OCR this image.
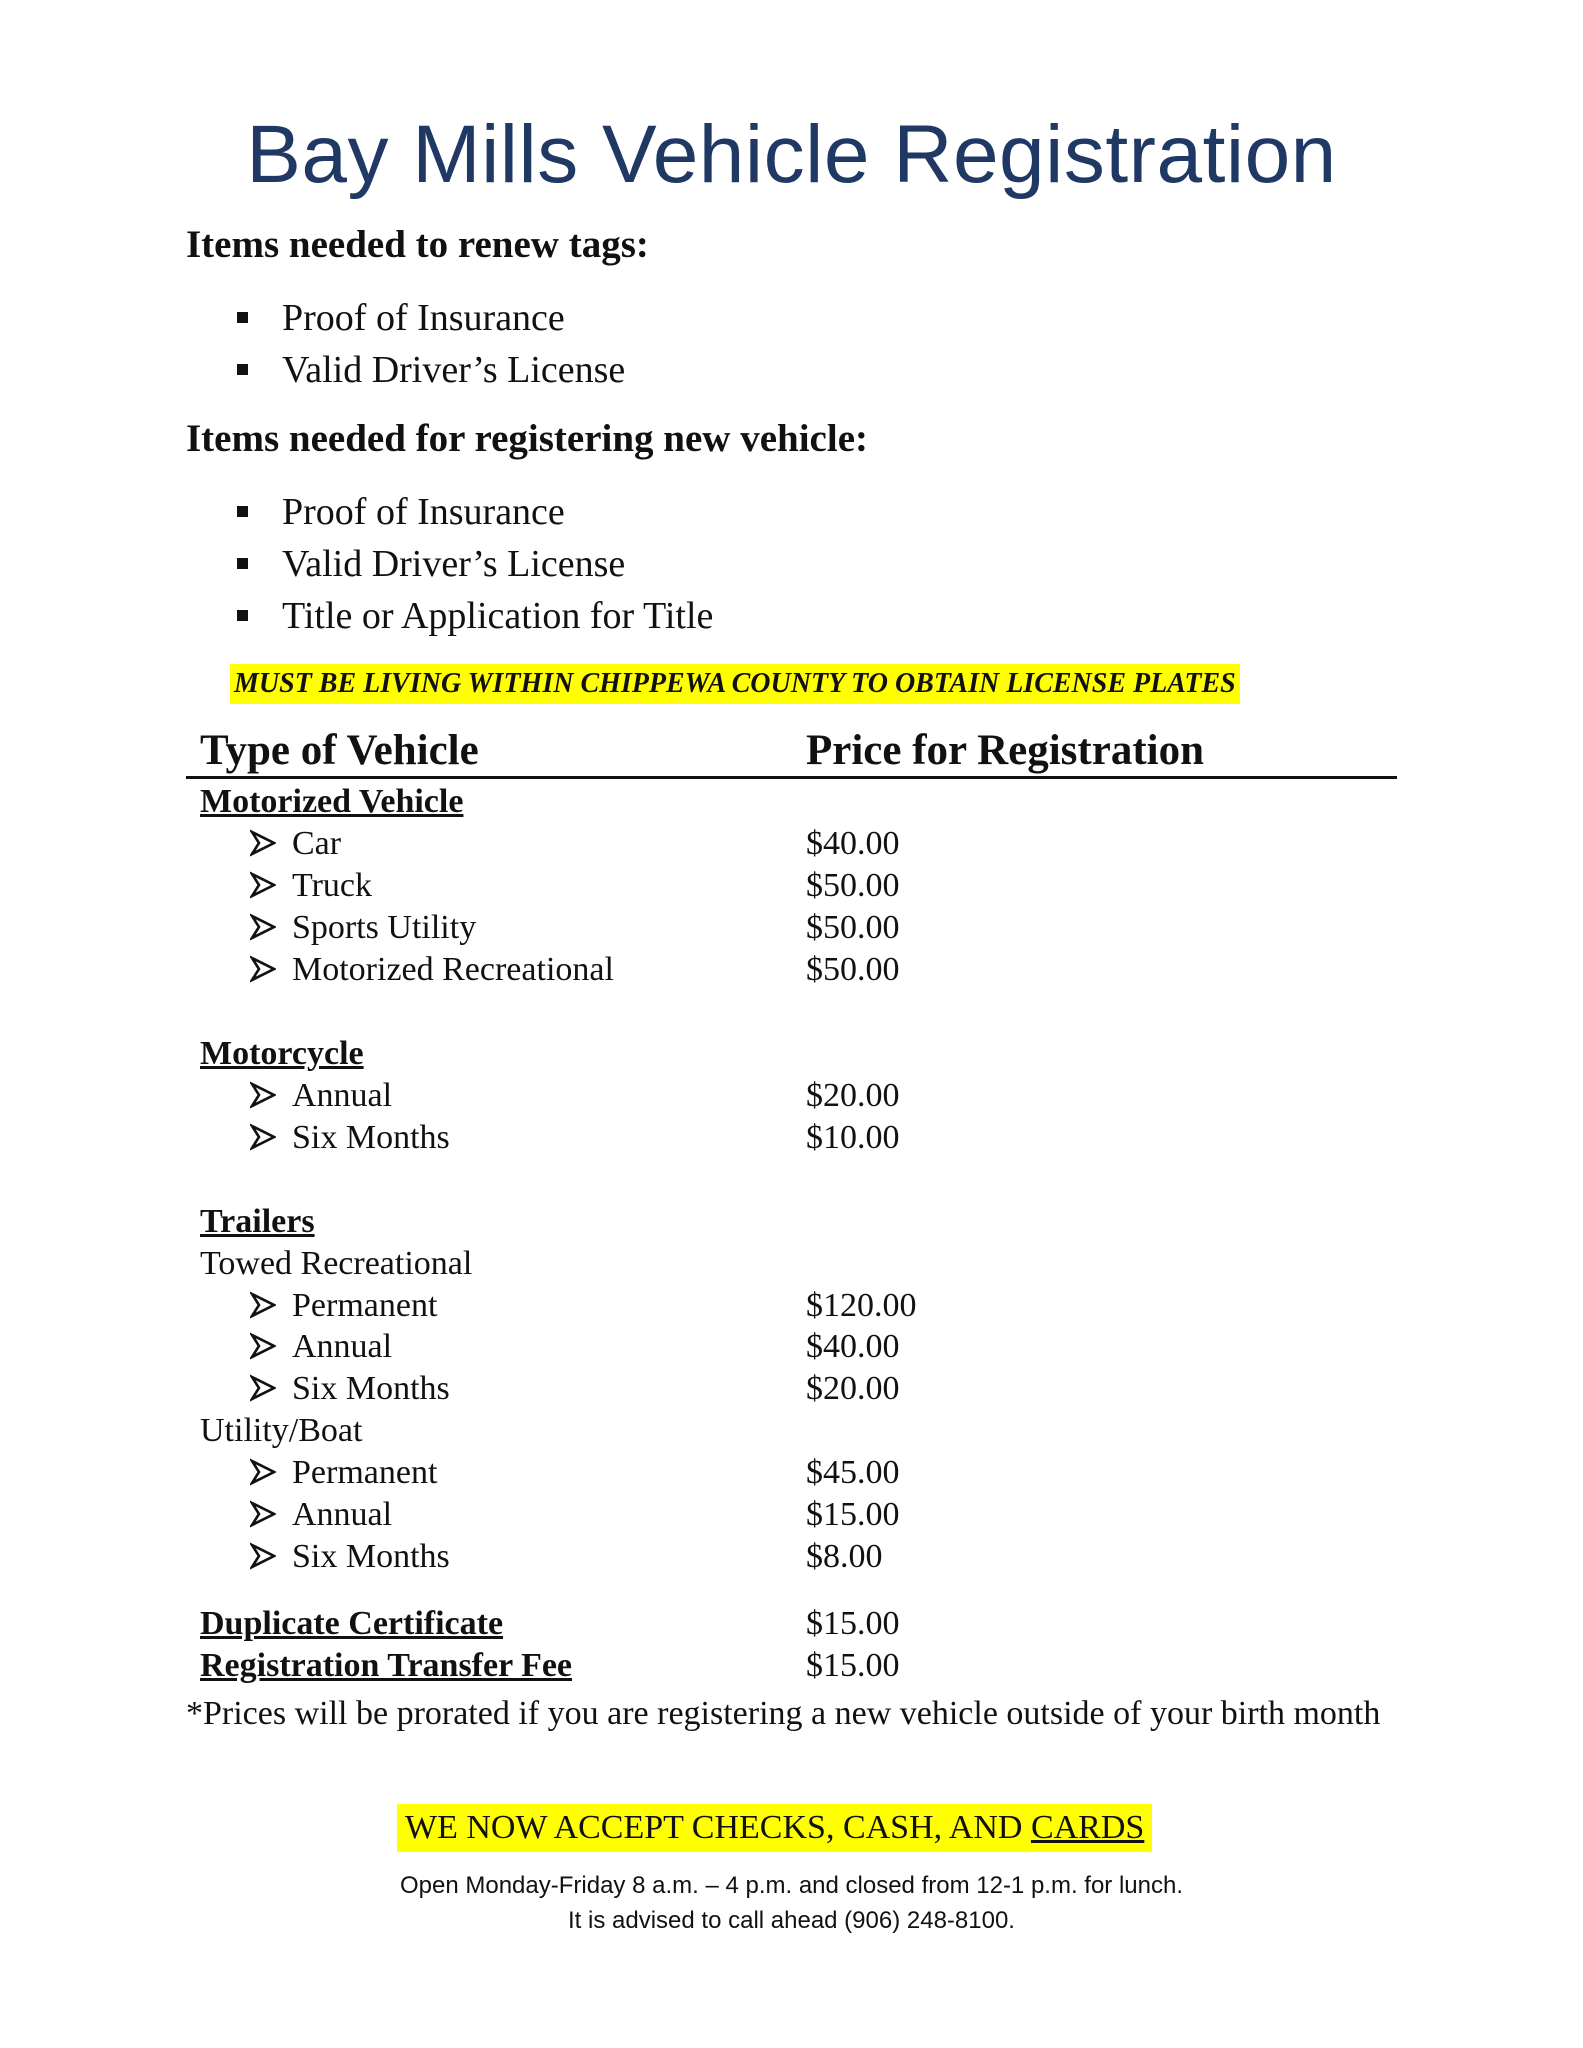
Bay Mills Vehicle Registration
Items needed to renew tags:
Proof of Insurance
Valid Driver’s License
Items needed for registering new vehicle:
Proof of Insurance
Valid Driver’s License
Title or Application for Title
MUST BE LIVING WITHIN CHIPPEWA COUNTY TO OBTAIN LICENSE PLATES
Type of Vehicle	Price for Registration
Motorized Vehicle
Car	$40.00
Truck	$50.00
Sports Utility	$50.00
Motorized Recreational	$50.00
Motorcycle
Annual	$20.00
Six Months	$10.00
Trailers
Towed Recreational
Permanent	$120.00
Annual	$40.00
Six Months	$20.00
Utility/Boat
Permanent	$45.00
Annual	$15.00
Six Months	$8.00
Duplicate Certificate	$15.00
Registration Transfer Fee	$15.00
*Prices will be prorated if you are registering a new vehicle outside of your birth month
WE NOW ACCEPT CHECKS, CASH, AND CARDS
Open Monday-Friday 8 a.m. – 4 p.m. and closed from 12-1 p.m. for lunch.
It is advised to call ahead (906) 248-8100.
